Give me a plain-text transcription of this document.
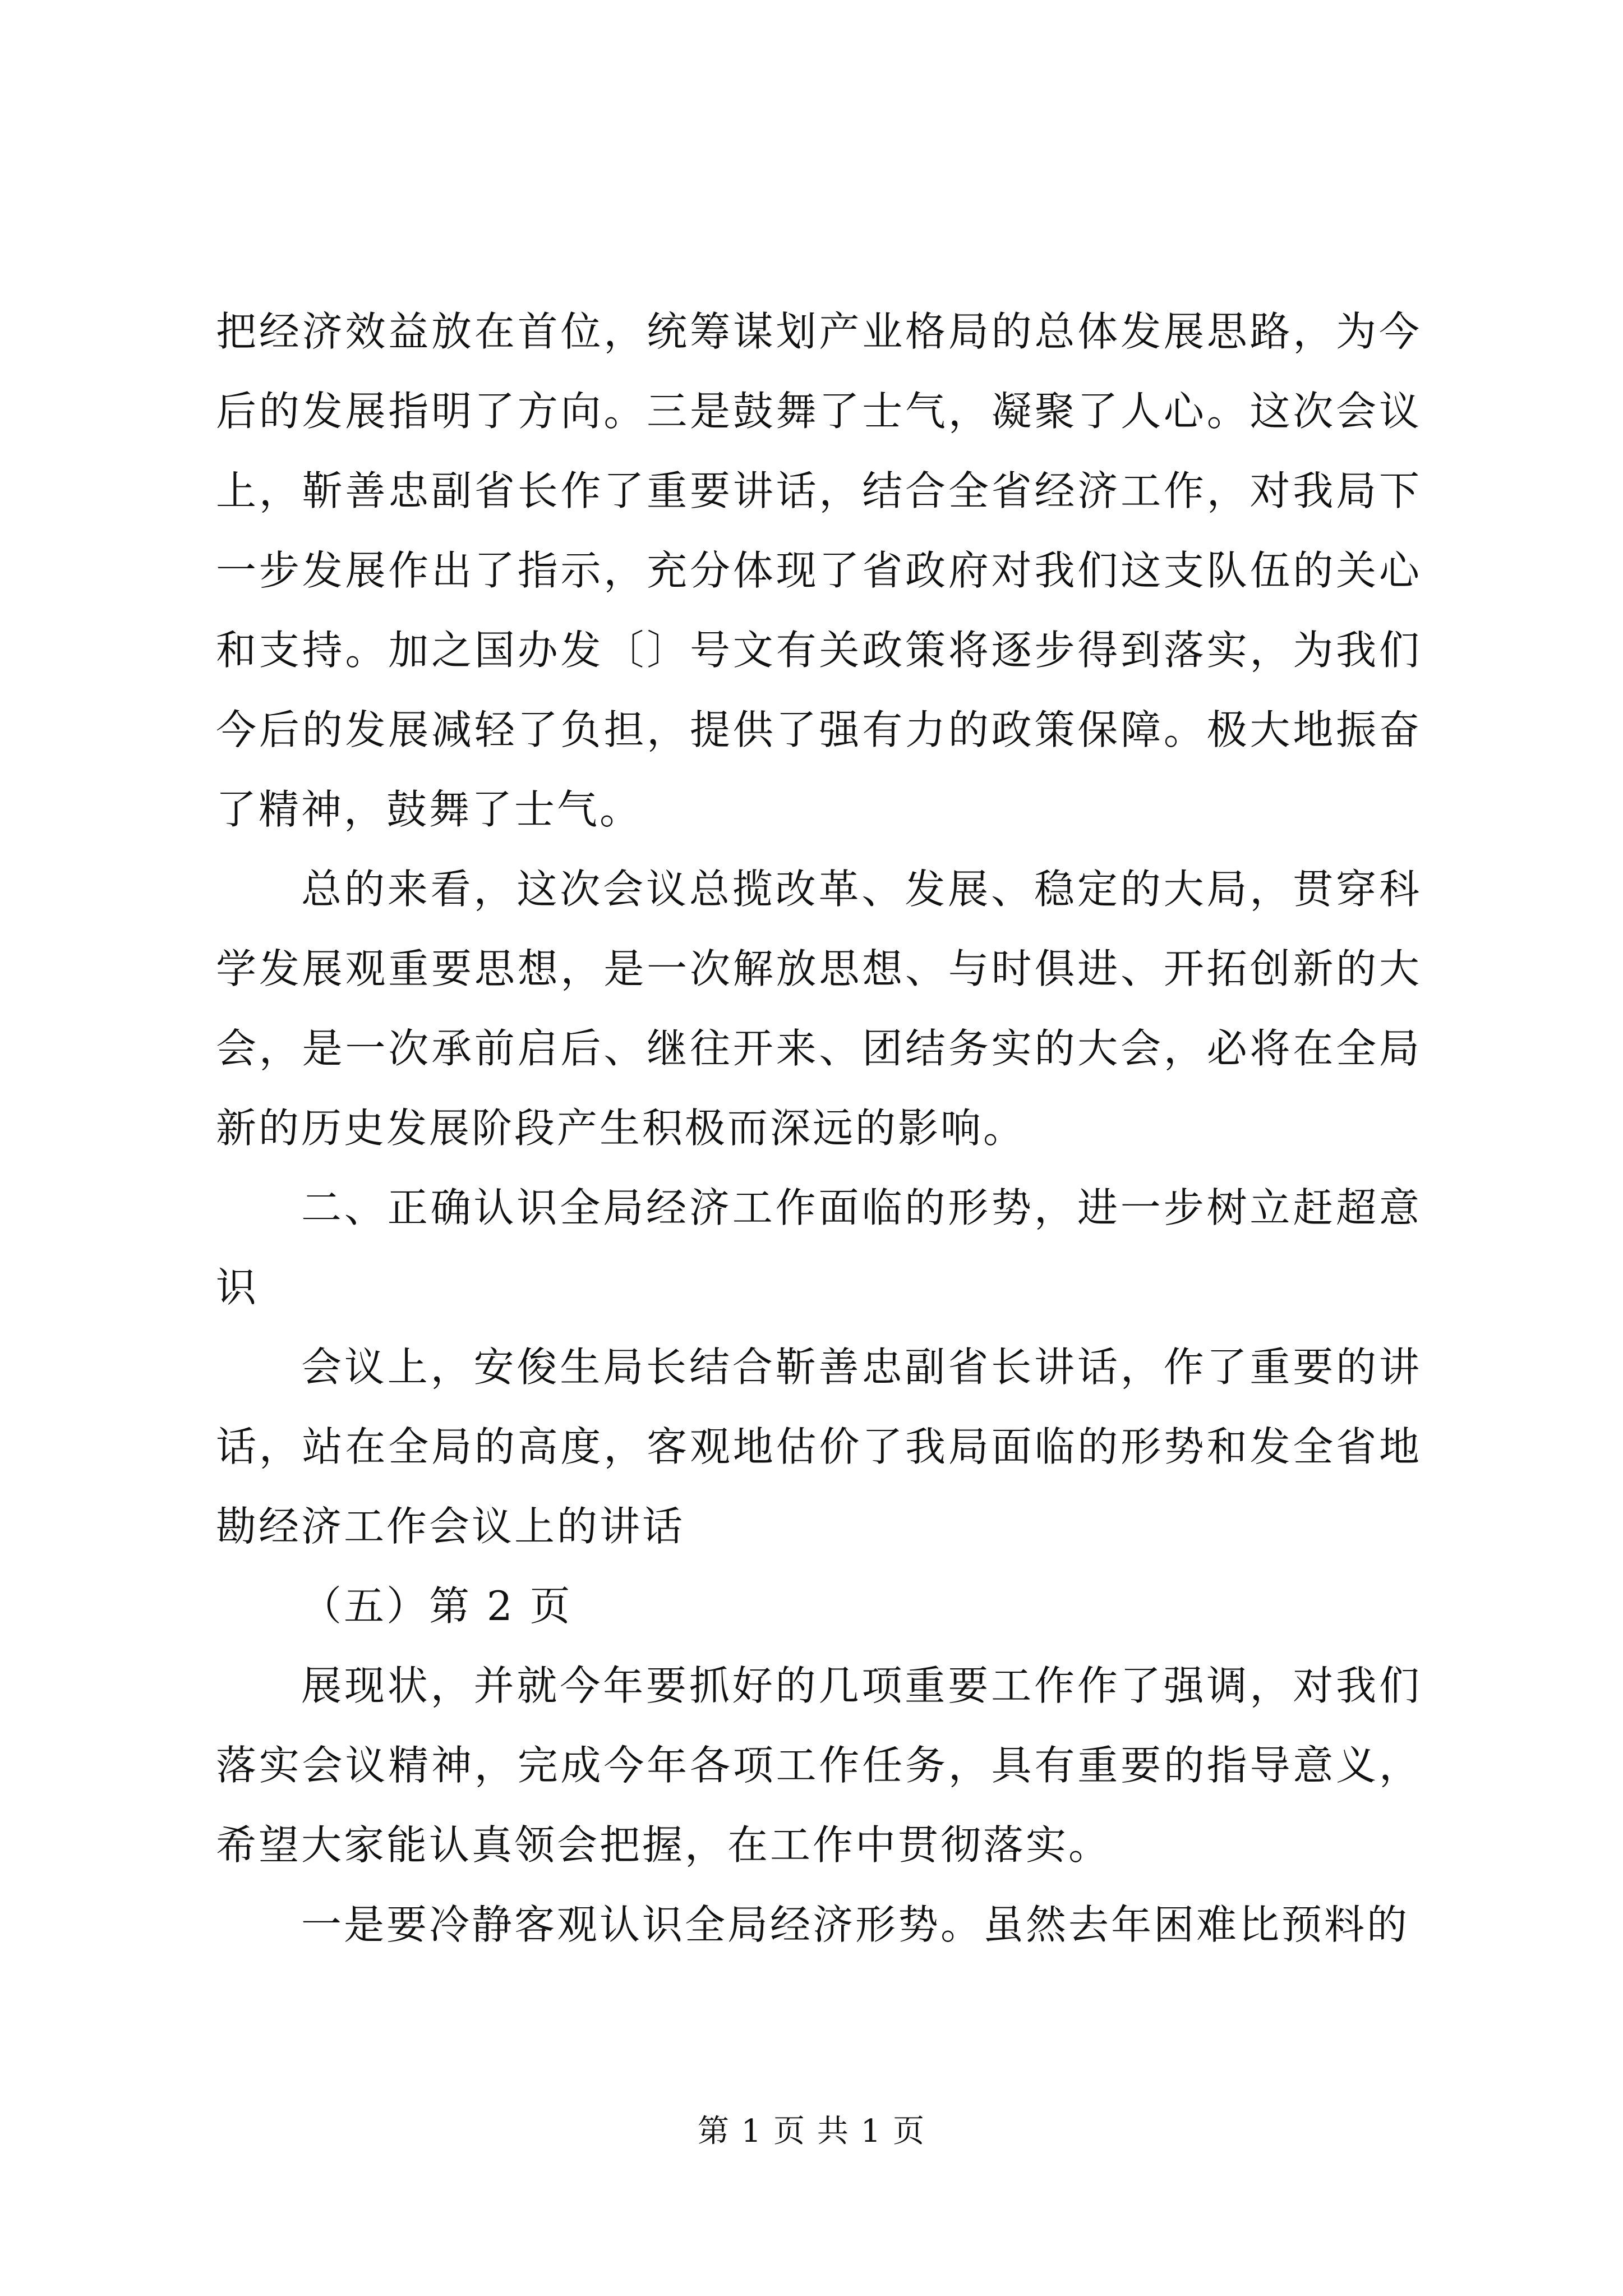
把经济效益放在首位，统筹谋划产业格局的总体发展思路，为今后的发展指明了方向。三是鼓舞了士气，凝聚了人心。这次会议上，靳善忠副省长作了重要讲话，结合全省经济工作，对我局下一步发展作出了指示，充分体现了省政府对我们这支队伍的关心和支持。加之国办发〔〕号文有关政策将逐步得到落实，为我们今后的发展减轻了负担，提供了强有力的政策保障。极大地振奋了精神，鼓舞了士气。

总的来看，这次会议总揽改革、发展、稳定的大局，贯穿科学发展观重要思想，是一次解放思想、与时俱进、开拓创新的大会，是一次承前启后、继往开来、团结务实的大会，必将在全局新的历史发展阶段产生积极而深远的影响。

二、正确认识全局经济工作面临的形势，进一步树立赶超意识

会议上，安俊生局长结合靳善忠副省长讲话，作了重要的讲话，站在全局的高度，客观地估价了我局面临的形势和发全省地勘经济工作会议上的讲话

（五）第 2 页

展现状，并就今年要抓好的几项重要工作作了强调，对我们落实会议精神，完成今年各项工作任务，具有重要的指导意义，希望大家能认真领会把握，在工作中贯彻落实。

一是要冷静客观认识全局经济形势。虽然去年困难比预料的

第 1 页 共 1 页
